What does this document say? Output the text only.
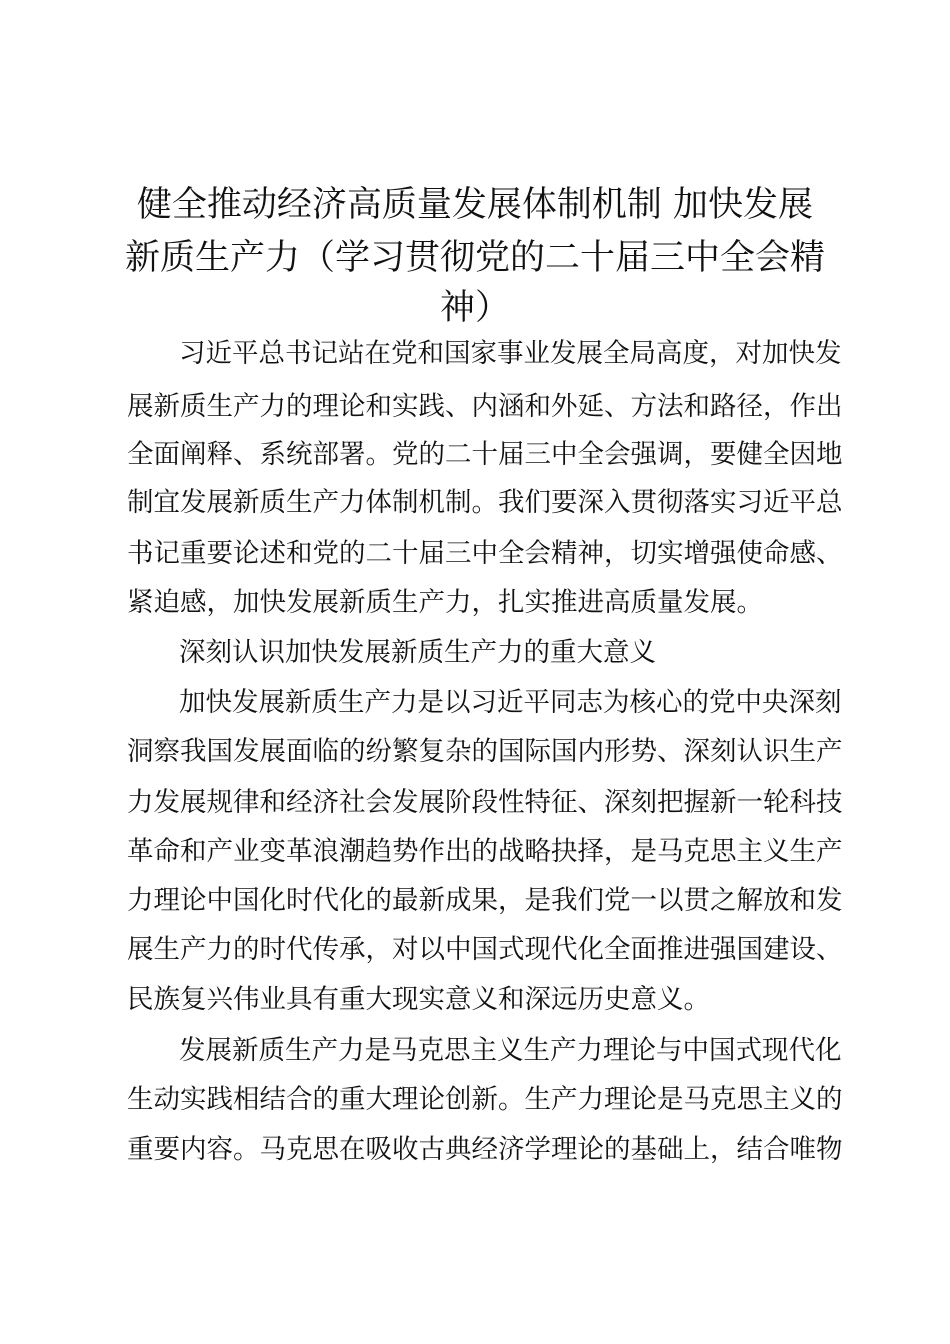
健全推动经济高质量发展体制机制 加快发展
新质生产力（学习贯彻党的二十届三中全会精
神）
习近平总书记站在党和国家事业发展全局高度，对加快发
展新质生产力的理论和实践、内涵和外延、方法和路径，作出
全面阐释、系统部署。党的二十届三中全会强调，要健全因地
制宜发展新质生产力体制机制。我们要深入贯彻落实习近平总
书记重要论述和党的二十届三中全会精神，切实增强使命感、
紧迫感，加快发展新质生产力，扎实推进高质量发展。
深刻认识加快发展新质生产力的重大意义
加快发展新质生产力是以习近平同志为核心的党中央深刻
洞察我国发展面临的纷繁复杂的国际国内形势、深刻认识生产
力发展规律和经济社会发展阶段性特征、深刻把握新一轮科技
革命和产业变革浪潮趋势作出的战略抉择，是马克思主义生产
力理论中国化时代化的最新成果，是我们党一以贯之解放和发
展生产力的时代传承，对以中国式现代化全面推进强国建设、
民族复兴伟业具有重大现实意义和深远历史意义。
发展新质生产力是马克思主义生产力理论与中国式现代化
生动实践相结合的重大理论创新。生产力理论是马克思主义的
重要内容。马克思在吸收古典经济学理论的基础上，结合唯物
